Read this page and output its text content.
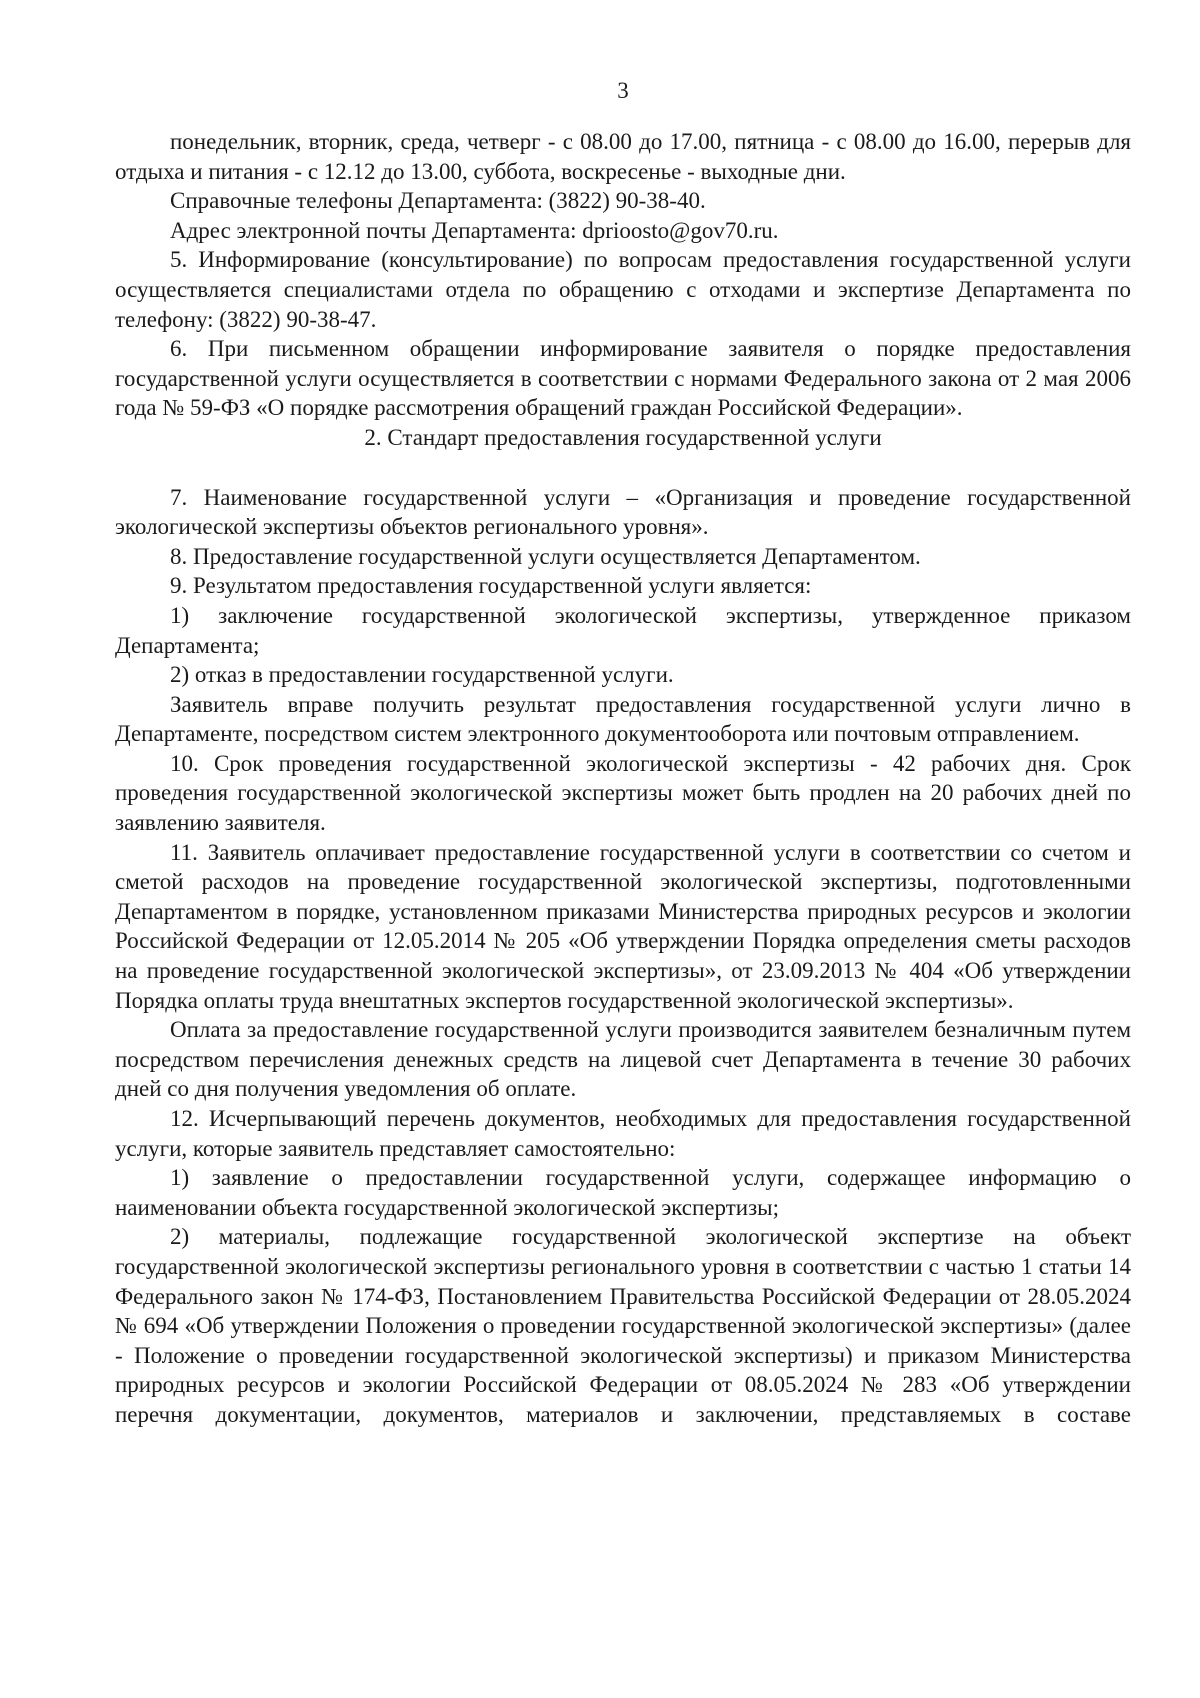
3

понедельник, вторник, среда, четверг - с 08.00 до 17.00, пятница - с 08.00 до 16.00, перерыв для отдыха и питания - с 12.12 до 13.00, суббота, воскресенье - выходные дни.

Справочные телефоны Департамента: (3822) 90-38-40.

Адрес электронной почты Департамента: dprioosto@gov70.ru.

5. Информирование (консультирование) по вопросам предоставления государственной услуги осуществляется специалистами отдела по обращению с отходами и экспертизе Департамента по телефону: (3822) 90-38-47.

6. При письменном обращении информирование заявителя о порядке предоставления государственной услуги осуществляется в соответствии с нормами Федерального закона от 2 мая 2006 года № 59-ФЗ «О порядке рассмотрения обращений граждан Российской Федерации».

2. Стандарт предоставления государственной услуги

7. Наименование государственной услуги – «Организация и проведение государственной экологической экспертизы объектов регионального уровня».

8. Предоставление государственной услуги осуществляется Департаментом.

9. Результатом предоставления государственной услуги является:

1) заключение государственной экологической экспертизы, утвержденное приказом Департамента;

2) отказ в предоставлении государственной услуги.

Заявитель вправе получить результат предоставления государственной услуги лично в Департаменте, посредством систем электронного документооборота или почтовым отправлением.

10. Срок проведения государственной экологической экспертизы - 42 рабочих дня. Срок проведения государственной экологической экспертизы может быть продлен на 20 рабочих дней по заявлению заявителя.

11. Заявитель оплачивает предоставление государственной услуги в соответствии со счетом и сметой расходов на проведение государственной экологической экспертизы, подготовленными Департаментом в порядке, установленном приказами Министерства природных ресурсов и экологии Российской Федерации от 12.05.2014 № 205 «Об утверждении Порядка определения сметы расходов на проведение государственной экологической экспертизы», от 23.09.2013 № 404 «Об утверждении Порядка оплаты труда внештатных экспертов государственной экологической экспертизы».

Оплата за предоставление государственной услуги производится заявителем безналичным путем посредством перечисления денежных средств на лицевой счет Департамента в течение 30 рабочих дней со дня получения уведомления об оплате.

12. Исчерпывающий перечень документов, необходимых для предоставления государственной услуги, которые заявитель представляет самостоятельно:

1) заявление о предоставлении государственной услуги, содержащее информацию о наименовании объекта государственной экологической экспертизы;

2) материалы, подлежащие государственной экологической экспертизе на объект государственной экологической экспертизы регионального уровня в соответствии с частью 1 статьи 14 Федерального закон № 174-ФЗ, Постановлением Правительства Российской Федерации от 28.05.2024 № 694 «Об утверждении Положения о проведении государственной экологической экспертизы» (далее - Положение о проведении государственной экологической экспертизы) и приказом Министерства природных ресурсов и экологии Российской Федерации от 08.05.2024 № 283 «Об утверждении перечня документации, документов, материалов и заключении, представляемых в составе
